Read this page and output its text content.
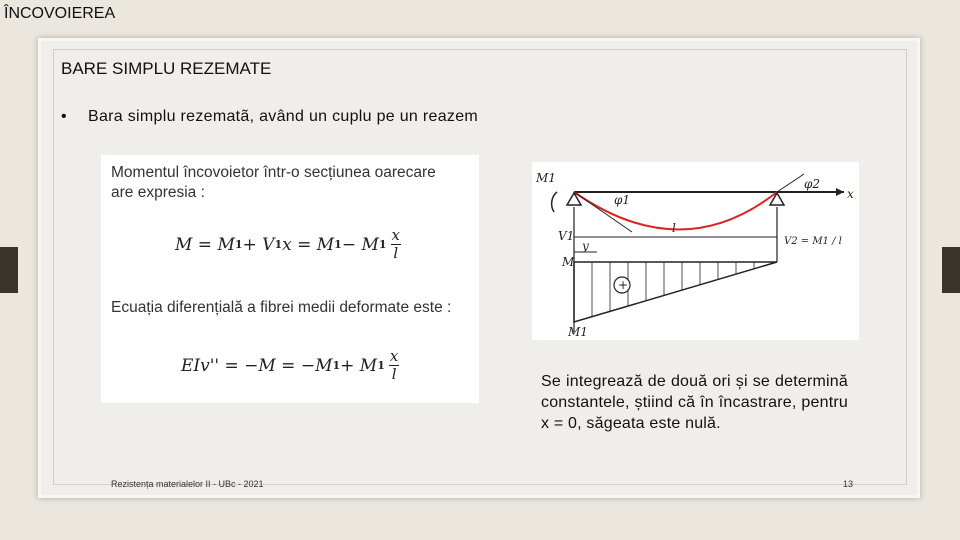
ÎNCOVOIEREA
BARE SIMPLU REZEMATE
• Bara simplu rezematã, având un cuplu pe un reazem
Momentul încovoietor într-o secțiunea oarecare
are expresia :
M = M 1 + V 1 x = M 1 − M $1 \frac{x}{l}$
Ecuația diferențială a fibrei medii deformate este :
EIv'' = −M = −M 1 + M $1 \frac{x}{l}$
M1
φ1
φ2
x
V1
y
l
V2 = M1 / l
M
+
M1
Se integrează de două ori și se determină constantele, știind că în încastrare, pentru x = 0, săgeata este nulă.
Rezistența materialelor II - UBc - 2021	13
